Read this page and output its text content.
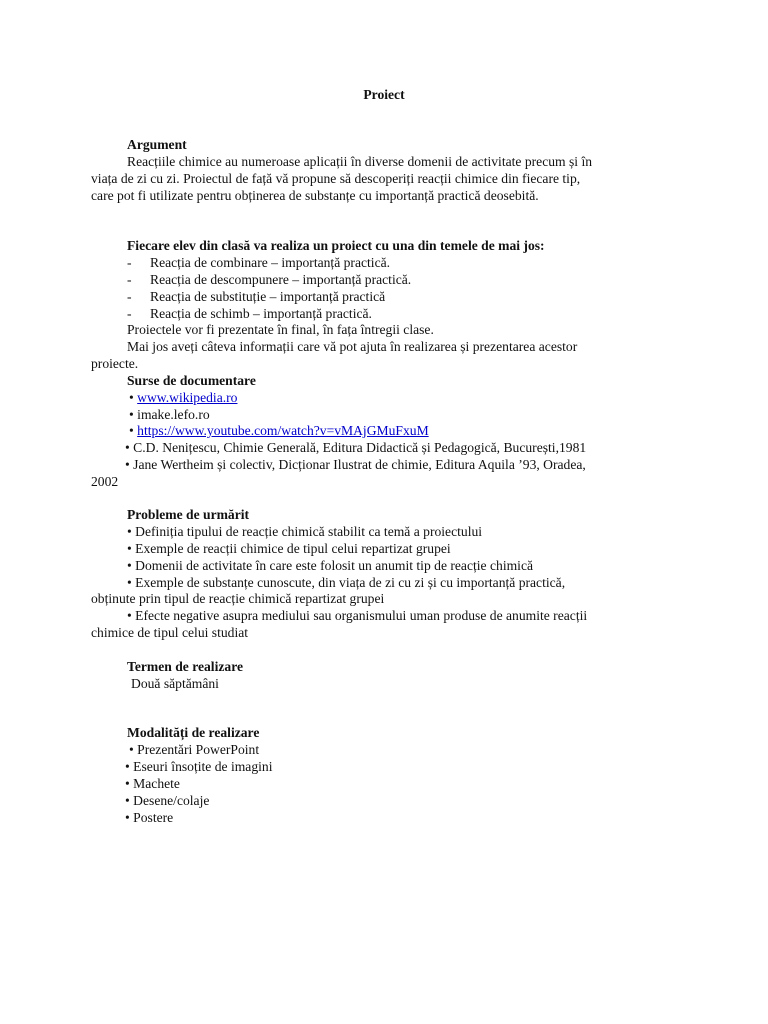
Proiect
Argument
Reacțiile chimice au numeroase aplicații în diverse domenii de activitate precum și în
viața de zi cu zi. Proiectul de față vă propune să descoperiți reacții chimice din fiecare tip,
care pot fi utilizate pentru obținerea de substanțe cu importanță practică deosebită.
Fiecare elev din clasă va realiza un proiect cu una din temele de mai jos:
- Reacția de combinare – importanță practică.
- Reacția de descompunere – importanță practică.
- Reacția de substituție – importanță practică
- Reacția de schimb – importanță practică.
Proiectele vor fi prezentate în final, în fața întregii clase.
Mai jos aveți câteva informații care vă pot ajuta în realizarea și prezentarea acestor
proiecte.
Surse de documentare
• www.wikipedia.ro
• imake.lefo.ro
• https://www.youtube.com/watch?v=vMAjGMuFxuM
• C.D. Nenițescu, Chimie Generală, Editura Didactică și Pedagogică, București,1981
• Jane Wertheim și colectiv, Dicționar Ilustrat de chimie, Editura Aquila ’93, Oradea,
2002
Probleme de urmărit
• Definiția tipului de reacție chimică stabilit ca temă a proiectului
• Exemple de reacții chimice de tipul celui repartizat grupei
• Domenii de activitate în care este folosit un anumit tip de reacție chimică
• Exemple de substanțe cunoscute, din viața de zi cu zi și cu importanță practică,
obținute prin tipul de reacție chimică repartizat grupei
• Efecte negative asupra mediului sau organismului uman produse de anumite reacții
chimice de tipul celui studiat
Termen de realizare
Două săptămâni
Modalități de realizare
• Prezentări PowerPoint
• Eseuri însoțite de imagini
• Machete
• Desene/colaje
• Postere
